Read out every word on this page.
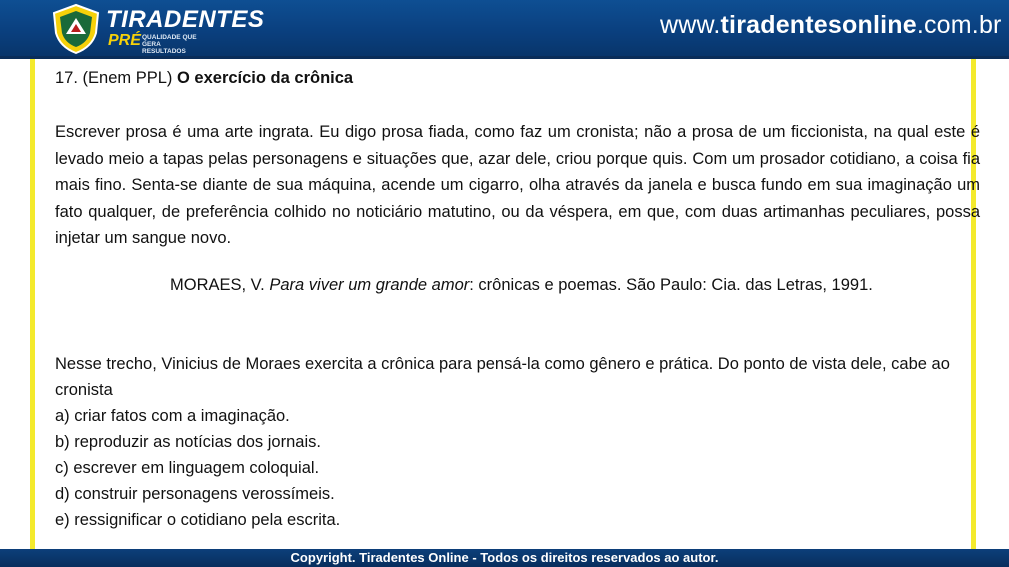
TIRADENTES
PRÉ QUALIDADE QUE GERA RESULTADOS
www.tiradentesonline.com.br
17. (Enem PPL) O exercício da crônica
Escrever prosa é uma arte ingrata. Eu digo prosa fiada, como faz um cronista; não a prosa de um ficcionista, na qual este é levado meio a tapas pelas personagens e situações que, azar dele, criou porque quis. Com um prosador cotidiano, a coisa fia mais fino. Senta-se diante de sua máquina, acende um cigarro, olha através da janela e busca fundo em sua imaginação um fato qualquer, de preferência colhido no noticiário matutino, ou da véspera, em que, com duas artimanhas peculiares, possa injetar um sangue novo.
MORAES, V. Para viver um grande amor: crônicas e poemas. São Paulo: Cia. das Letras, 1991.
Nesse trecho, Vinicius de Moraes exercita a crônica para pensá-la como gênero e prática. Do ponto de vista dele, cabe ao cronista
a) criar fatos com a imaginação.
b) reproduzir as notícias dos jornais.
c) escrever em linguagem coloquial.
d) construir personagens verossímeis.
e) ressignificar o cotidiano pela escrita.
Copyright. Tiradentes Online - Todos os direitos reservados ao autor.
